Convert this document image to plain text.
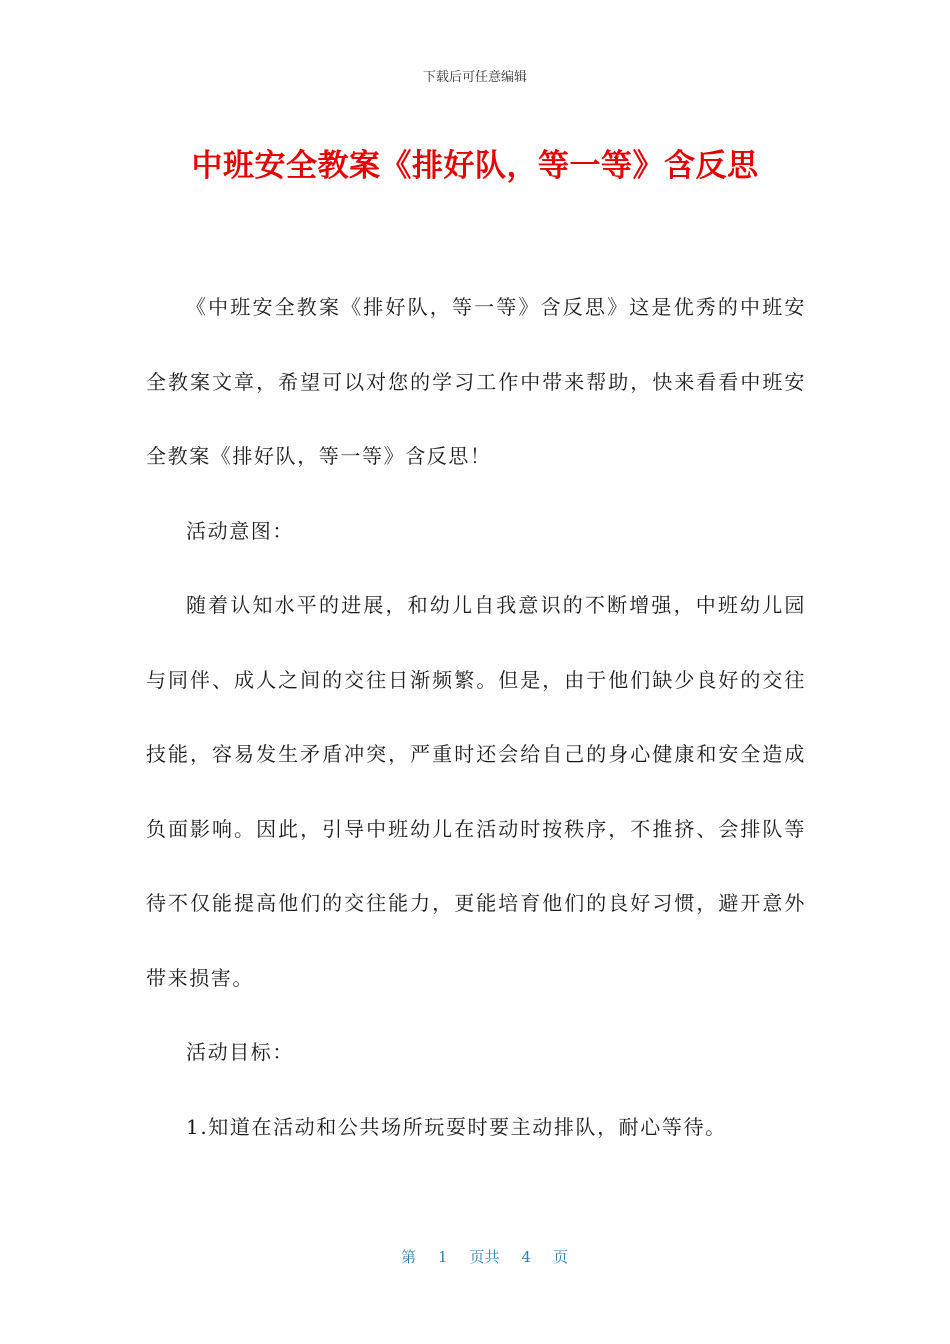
下载后可任意编辑
中班安全教案《排好队，等一等》含反思

《中班安全教案《排好队，等一等》含反思》这是优秀的中班安全教案文章，希望可以对您的学习工作中带来帮助，快来看看中班安全教案《排好队，等一等》含反思！

活动意图：

随着认知水平的进展，和幼儿自我意识的不断增强，中班幼儿园与同伴、成人之间的交往日渐频繁。但是，由于他们缺少良好的交往技能，容易发生矛盾冲突，严重时还会给自己的身心健康和安全造成负面影响。因此，引导中班幼儿在活动时按秩序，不推挤、会排队等待不仅能提高他们的交往能力，更能培育他们的良好习惯，避开意外带来损害。

活动目标：

1.知道在活动和公共场所玩耍时要主动排队，耐心等待。

第 1 页共 4 页
